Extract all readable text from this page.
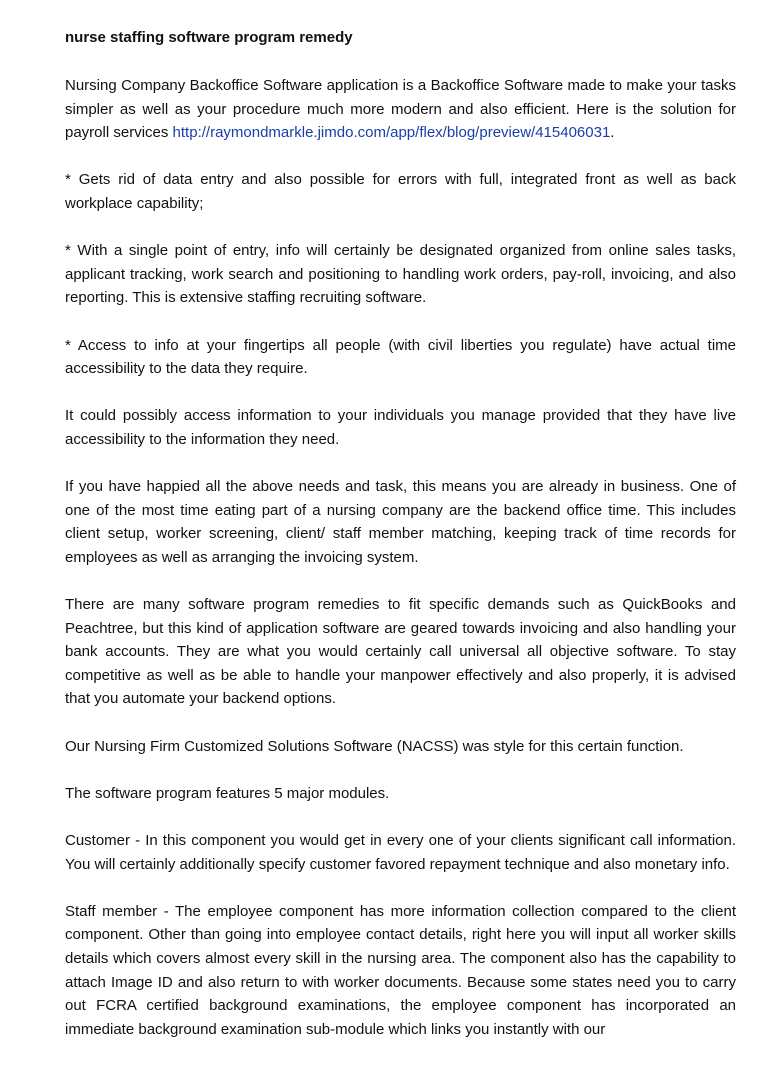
nurse staffing software program remedy

Nursing Company Backoffice Software application is a Backoffice Software made to make your tasks simpler as well as your procedure much more modern and also efficient. Here is the solution for payroll services http://raymondmarkle.jimdo.com/app/flex/blog/preview/415406031.

* Gets rid of data entry and also possible for errors with full, integrated front as well as back workplace capability;

* With a single point of entry, info will certainly be designated organized from online sales tasks, applicant tracking, work search and positioning to handling work orders, pay-roll, invoicing, and also reporting. This is extensive staffing recruiting software.

* Access to info at your fingertips all people (with civil liberties you regulate) have actual time accessibility to the data they require.

It could possibly access information to your individuals you manage provided that they have live accessibility to the information they need.

If you have happied all the above needs and task, this means you are already in business. One of one of the most time eating part of a nursing company are the backend office time. This includes client setup, worker screening, client/ staff member matching, keeping track of time records for employees as well as arranging the invoicing system.

There are many software program remedies to fit specific demands such as QuickBooks and Peachtree, but this kind of application software are geared towards invoicing and also handling your bank accounts. They are what you would certainly call universal all objective software. To stay competitive as well as be able to handle your manpower effectively and also properly, it is advised that you automate your backend options.

Our Nursing Firm Customized Solutions Software (NACSS) was style for this certain function.

The software program features 5 major modules.

Customer - In this component you would get in every one of your clients significant call information. You will certainly additionally specify customer favored repayment technique and also monetary info.

Staff member - The employee component has more information collection compared to the client component. Other than going into employee contact details, right here you will input all worker skills details which covers almost every skill in the nursing area. The component also has the capability to attach Image ID and also return to with worker documents. Because some states need you to carry out FCRA certified background examinations, the employee component has incorporated an immediate background examination sub-module which links you instantly with our
